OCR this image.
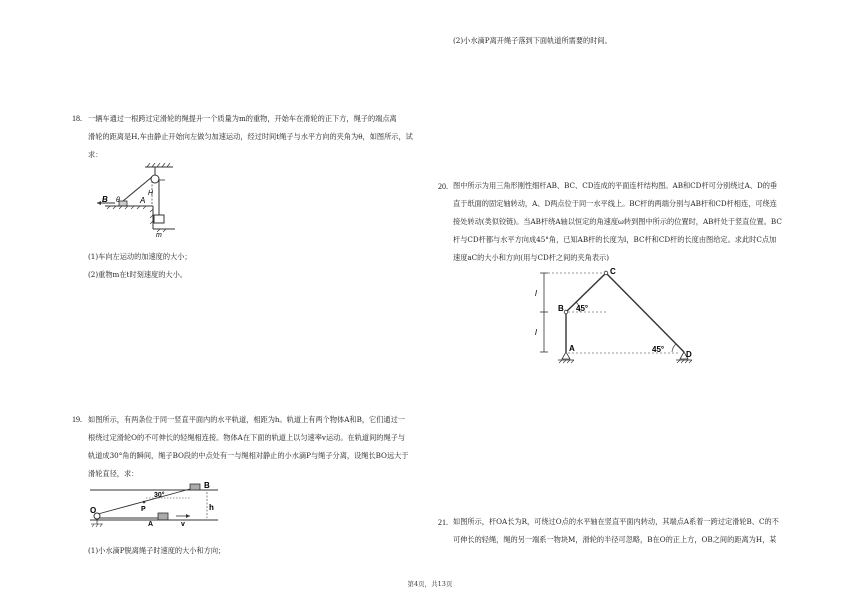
(2)小水滴P离开绳子落到下面轨道所需要的时间。
18. 一辆车通过一根跨过定滑轮的绳提升一个质量为m的重物，开始车在滑轮的正下方，绳子的端点离
滑轮的距离是H,车由静止开始向左做匀加速运动，经过时间t绳子与水平方向的夹角为θ，如图所示，试
求：
B θ	A
H
m
(1)车向左运动的加速度的大小；
(2)重物m在t时刻速度的大小。
19. 如图所示，有两条位于同一竖直平面内的水平轨道，相距为h。轨道上有两个物体A和B，它们通过一
根绕过定滑轮O的不可伸长的轻绳相连接。物体A在下面的轨道上以匀速率v运动。在轨道间的绳子与
轨道成30°角的瞬间，绳子BO段的中点处有一与绳相对静止的小水滴P与绳子分离，设绳长BO远大于
滑轮直径，求：
B
30°
P
O
A	v
h
(1)小水滴P脱离绳子时速度的大小和方向；
20. 图中所示为用三角形刚性细杆AB、BC、CD连成的平面连杆结构图。AB和CD杆可分别绕过A、D的垂
直于纸面的固定轴转动，A、D两点位于同一水平线上。BC杆的两端分别与AB杆和CD杆相连，可绕连
接处转动(类似铰链)。当AB杆绕A轴以恒定的角速度ω转到图中所示的位置时，AB杆处于竖直位置。BC
杆与CD杆都与水平方向成45°角，已知AB杆的长度为l，BC杆和CD杆的长度由图给定。求此时C点加
速度aC的大小和方向(用与CD杆之间的夹角表示)
C
B
A
D
45°
45°
l
l
21. 如图所示，杆OA长为R，可绕过O点的水平轴在竖直平面内转动，其端点A系着一跨过定滑轮B、C的不
可伸长的轻绳，绳的另一端系一物块M，滑轮的半径可忽略，B在O的正上方，OB之间的距离为H，某
第4页，共13页
